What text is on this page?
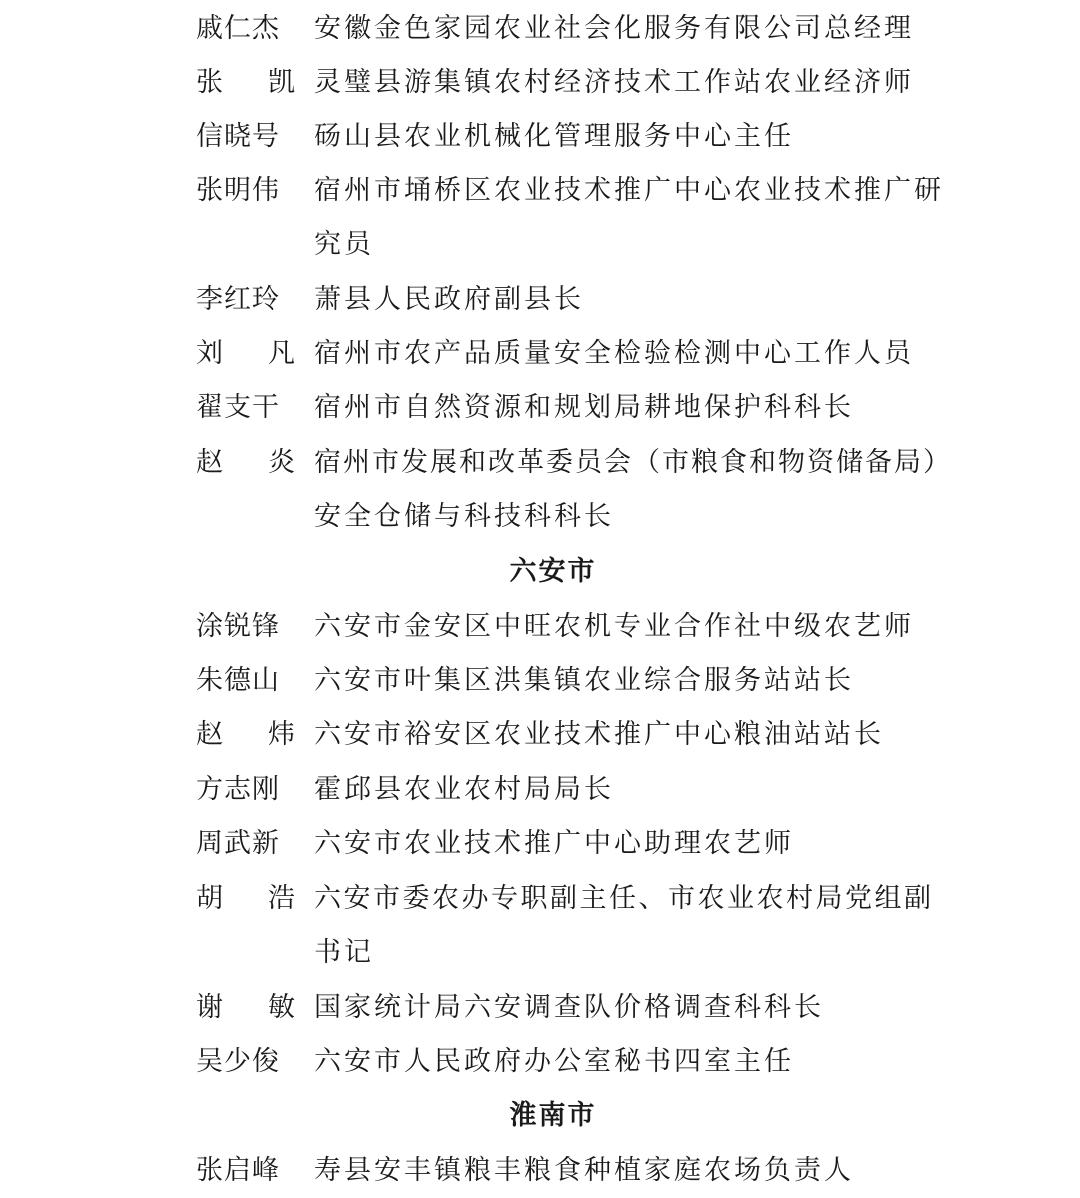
戚仁杰 安徽金色家园农业社会化服务有限公司总经理
张 凯 灵璧县游集镇农村经济技术工作站农业经济师
信晓号 砀山县农业机械化管理服务中心主任
张明伟 宿州市埇桥区农业技术推广中心农业技术推广研
究员
李红玲 萧县人民政府副县长
刘 凡 宿州市农产品质量安全检验检测中心工作人员
翟支干 宿州市自然资源和规划局耕地保护科科长
赵 炎 宿州市发展和改革委员会（市粮食和物资储备局）
安全仓储与科技科科长
六安市
涂锐锋 六安市金安区中旺农机专业合作社中级农艺师
朱德山 六安市叶集区洪集镇农业综合服务站站长
赵 炜 六安市裕安区农业技术推广中心粮油站站长
方志刚 霍邱县农业农村局局长
周武新 六安市农业技术推广中心助理农艺师
胡 浩 六安市委农办专职副主任、市农业农村局党组副
书记
谢 敏 国家统计局六安调查队价格调查科科长
吴少俊 六安市人民政府办公室秘书四室主任
淮南市
张启峰 寿县安丰镇粮丰粮食种植家庭农场负责人
